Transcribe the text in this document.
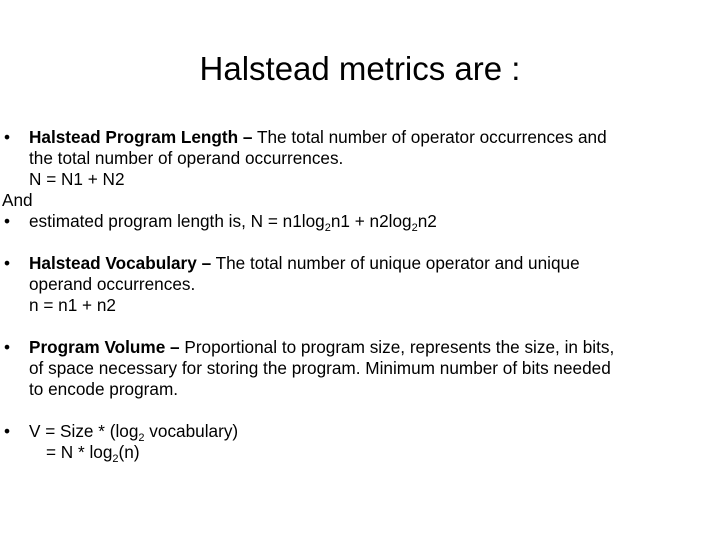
Halstead metrics are :
• Halstead Program Length – The total number of operator occurrences and
the total number of operand occurrences.
N = N1 + N2
And
• estimated program length is, $N = n1\log_2n1 + n2\log_2n2$
• Halstead Vocabulary – The total number of unique operator and unique
operand occurrences.
n = n1 + n2
• Program Volume – Proportional to program size, represents the size, in bits,
of space necessary for storing the program. Minimum number of bits needed
to encode program.
• V = Size * ($\log_2$ vocabulary)
= N * $\log_2(n)$
